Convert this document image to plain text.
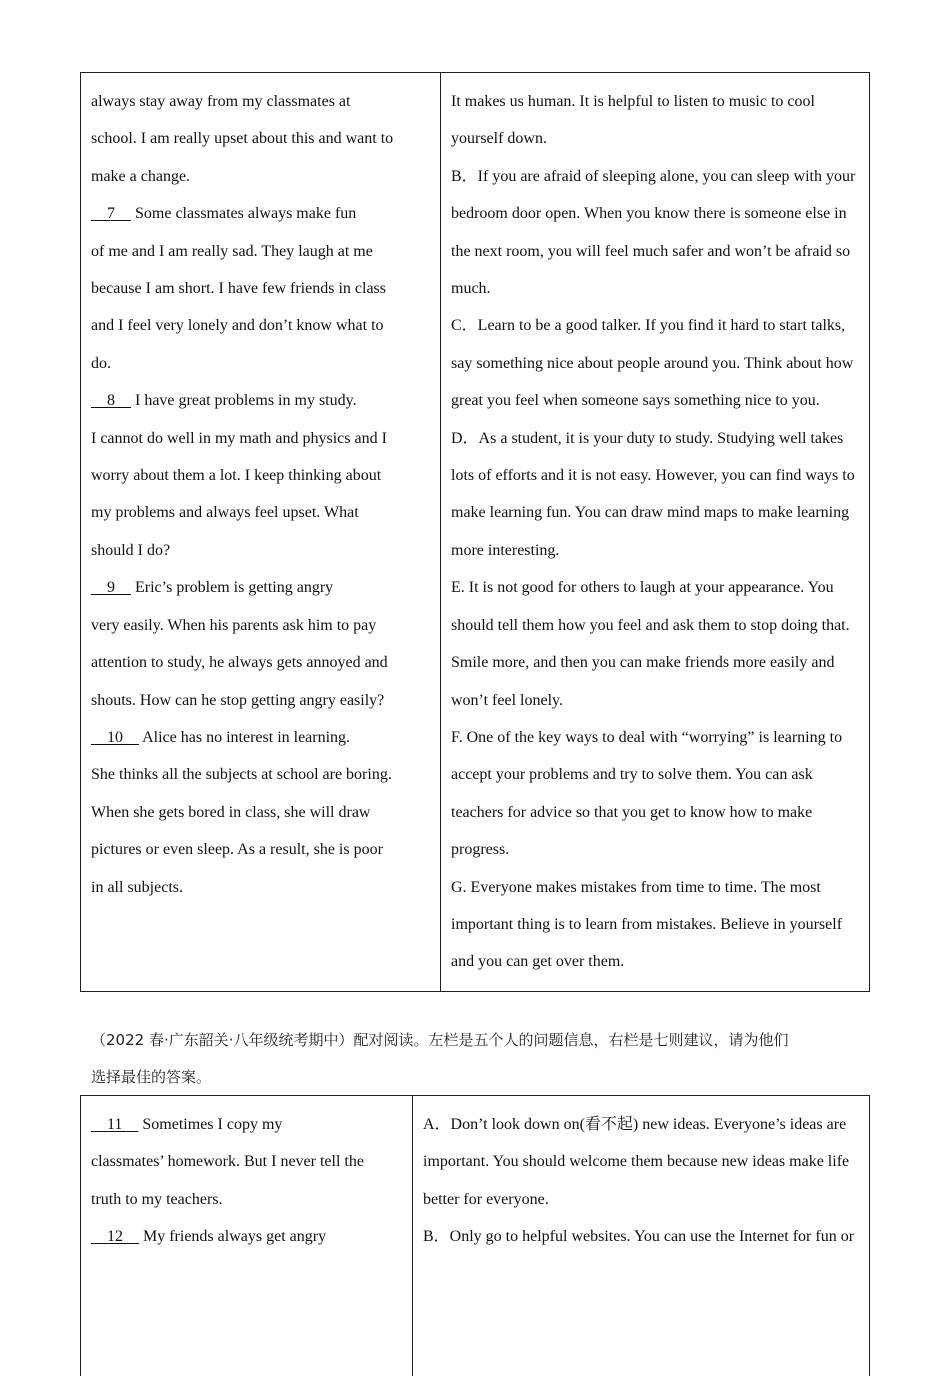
always stay away from my classmates at
school. I am really upset about this and want to
make a change.
  7   Some classmates always make fun
of me and I am really sad. They laugh at me
because I am short. I have few friends in class
and I feel very lonely and don’t know what to
do.
  8   I have great problems in my study.
I cannot do well in my math and physics and I
worry about them a lot. I keep thinking about
my problems and always feel upset. What
should I do?
  9   Eric’s problem is getting angry
very easily. When his parents ask him to pay
attention to study, he always gets annoyed and
shouts. How can he stop getting angry easily?
  10   Alice has no interest in learning.
She thinks all the subjects at school are boring.
When she gets bored in class, she will draw
pictures or even sleep. As a result, she is poor
in all subjects.

It makes us human. It is helpful to listen to music to cool
yourself down.
B．If you are afraid of sleeping alone, you can sleep with your
bedroom door open. When you know there is someone else in
the next room, you will feel much safer and won’t be afraid so
much.
C．Learn to be a good talker. If you find it hard to start talks,
say something nice about people around you. Think about how
great you feel when someone says something nice to you.
D．As a student, it is your duty to study. Studying well takes
lots of efforts and it is not easy. However, you can find ways to
make learning fun. You can draw mind maps to make learning
more interesting.
E. It is not good for others to laugh at your appearance. You
should tell them how you feel and ask them to stop doing that.
Smile more, and then you can make friends more easily and
won’t feel lonely.
F. One of the key ways to deal with “worrying” is learning to
accept your problems and try to solve them. You can ask
teachers for advice so that you get to know how to make
progress.
G. Everyone makes mistakes from time to time. The most
important thing is to learn from mistakes. Believe in yourself
and you can get over them.
（2022 春·广东韶关·八年级统考期中）配对阅读。左栏是五个人的问题信息，右栏是七则建议，请为他们
选择最佳的答案。
  11   Sometimes I copy my
classmates’ homework. But I never tell the
truth to my teachers.
  12   My friends always get angry

A．Don’t look down on(看不起) new ideas. Everyone’s ideas are
important. You should welcome them because new ideas make life
better for everyone.
B．Only go to helpful websites. You can use the Internet for fun or
